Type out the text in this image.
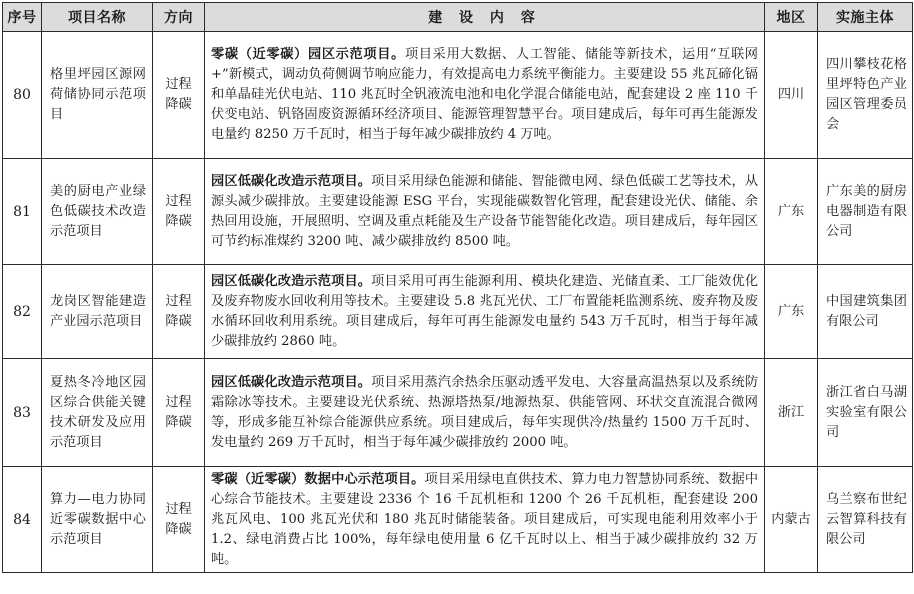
序号	项目名称	方向	建 设 内 容	地区	实施主体
80	格里坪园区源网荷储协同示范项目	过程降碳	零碳（近零碳）园区示范项目。项目采用大数据、人工智能、储能等新技术，运用“互联网+”新模式，调动负荷侧调节响应能力，有效提高电力系统平衡能力。主要建设 55 兆瓦碲化镉和单晶硅光伏电站、110 兆瓦时全钒液流电池和电化学混合储能电站，配套建设 2 座 110 千伏变电站、钒铬固废资源循环经济项目、能源管理智慧平台。项目建成后，每年可再生能源发电量约 8250 万千瓦时，相当于每年减少碳排放约 4 万吨。	四川	四川攀枝花格里坪特色产业园区管理委员会
81	美的厨电产业绿色低碳技术改造示范项目	过程降碳	园区低碳化改造示范项目。项目采用绿色能源和储能、智能微电网、绿色低碳工艺等技术，从源头减少碳排放。主要建设能源 ESG 平台，实现能碳数智化管理，配套建设光伏、储能、余热回用设施，开展照明、空调及重点耗能及生产设备节能智能化改造。项目建成后，每年园区可节约标准煤约 3200 吨、减少碳排放约 8500 吨。	广东	广东美的厨房电器制造有限公司
82	龙岗区智能建造产业园示范项目	过程降碳	园区低碳化改造示范项目。项目采用可再生能源利用、模块化建造、光储直柔、工厂能效优化及废弃物废水回收利用等技术。主要建设 5.8 兆瓦光伏、工厂布置能耗监测系统、废弃物及废水循环回收利用系统。项目建成后，每年可再生能源发电量约 543 万千瓦时，相当于每年减少碳排放约 2860 吨。	广东	中国建筑集团有限公司
83	夏热冬冷地区园区综合供能关键技术研发及应用示范项目	过程降碳	园区低碳化改造示范项目。项目采用蒸汽余热余压驱动透平发电、大容量高温热泵以及系统防霜除冰等技术。主要建设光伏系统、热源塔热泵/地源热泵、供能管网、环状交直流混合微网等，形成多能互补综合能源供应系统。项目建成后，每年实现供冷/热量约 1500 万千瓦时、发电量约 269 万千瓦时，相当于每年减少碳排放约 2000 吨。	浙江	浙江省白马湖实验室有限公司
84	算力—电力协同近零碳数据中心示范项目	过程降碳	零碳（近零碳）数据中心示范项目。项目采用绿电直供技术、算力电力智慧协同系统、数据中心综合节能技术。主要建设 2336 个 16 千瓦机柜和 1200 个 26 千瓦机柜，配套建设 200 兆瓦风电、100 兆瓦光伏和 180 兆瓦时储能装备。项目建成后，可实现电能利用效率小于 1.2、绿电消费占比 100%，每年绿电使用量 6 亿千瓦时以上、相当于减少碳排放约 32 万吨。	内蒙古	乌兰察布世纪云智算科技有限公司
